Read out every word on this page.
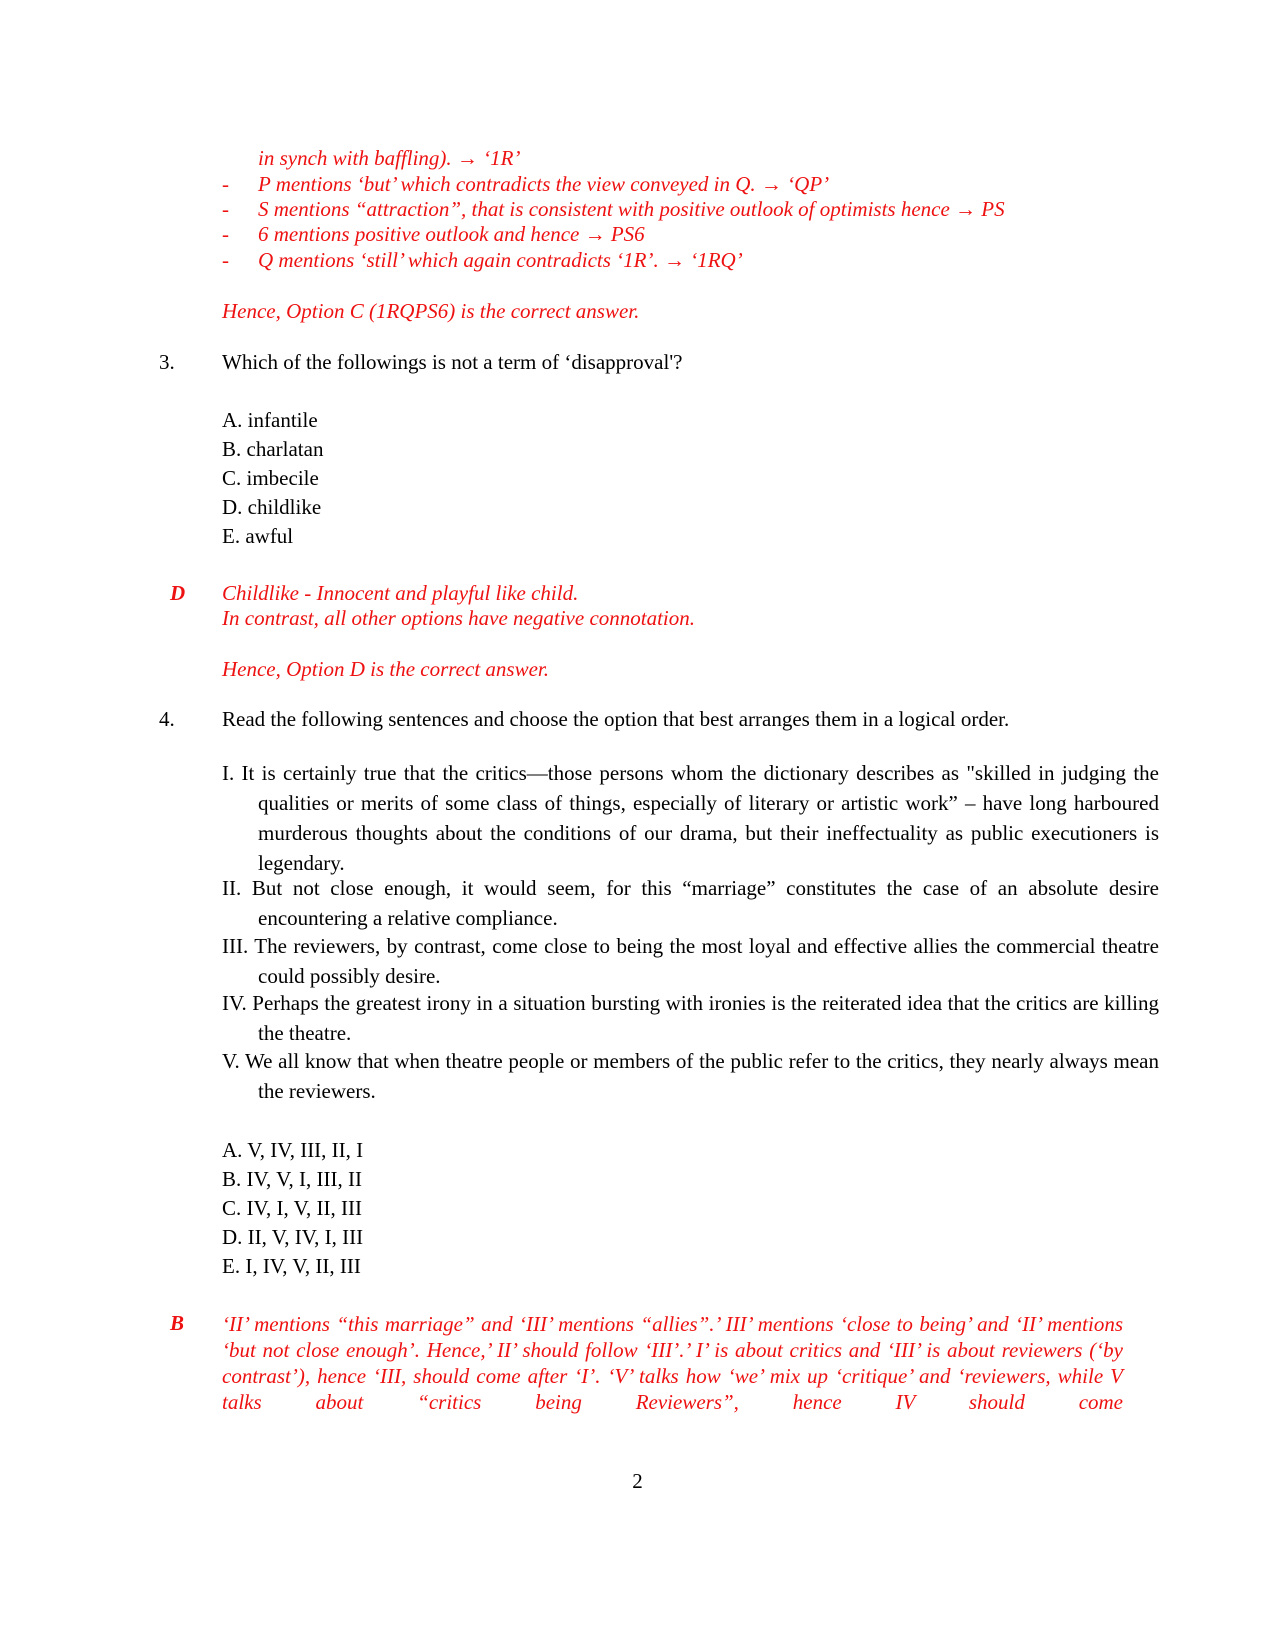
in synch with baffling). → ‘1R’
- P mentions ‘but’ which contradicts the view conveyed in Q. → ‘QP’
- S mentions “attraction”, that is consistent with positive outlook of optimists hence → PS
- 6 mentions positive outlook and hence → PS6
- Q mentions ‘still’ which again contradicts ‘1R’. → ‘1RQ’
Hence, Option C (1RQPS6) is the correct answer.
3. Which of the followings is not a term of ‘disapproval'?
A. infantile
B. charlatan
C. imbecile
D. childlike
E. awful
D Childlike - Innocent and playful like child.
In contrast, all other options have negative connotation.
Hence, Option D is the correct answer.
4. Read the following sentences and choose the option that best arranges them in a logical order.
I. It is certainly true that the critics—those persons whom the dictionary describes as "skilled in judging the qualities or merits of some class of things, especially of literary or artistic work” – have long harboured murderous thoughts about the conditions of our drama, but their ineffectuality as public executioners is legendary.
II. But not close enough, it would seem, for this “marriage” constitutes the case of an absolute desire encountering a relative compliance.
III. The reviewers, by contrast, come close to being the most loyal and effective allies the commercial theatre could possibly desire.
IV. Perhaps the greatest irony in a situation bursting with ironies is the reiterated idea that the critics are killing the theatre.
V. We all know that when theatre people or members of the public refer to the critics, they nearly always mean the reviewers.
A. V, IV, III, II, I
B. IV, V, I, III, II
C. IV, I, V, II, III
D. II, V, IV, I, III
E. I, IV, V, II, III
B ‘II’ mentions “this marriage” and ‘III’ mentions “allies”.’ III’ mentions ‘close to being’ and ‘II’ mentions ‘but not close enough’. Hence,’ II’ should follow ‘III’.’ I’ is about critics and ‘III’ is about reviewers (‘by contrast’), hence ‘III, should come after ‘I’. ‘V’ talks how ‘we’ mix up ‘critique’ and ‘reviewers, while V talks about “critics being Reviewers”, hence IV should come
2
